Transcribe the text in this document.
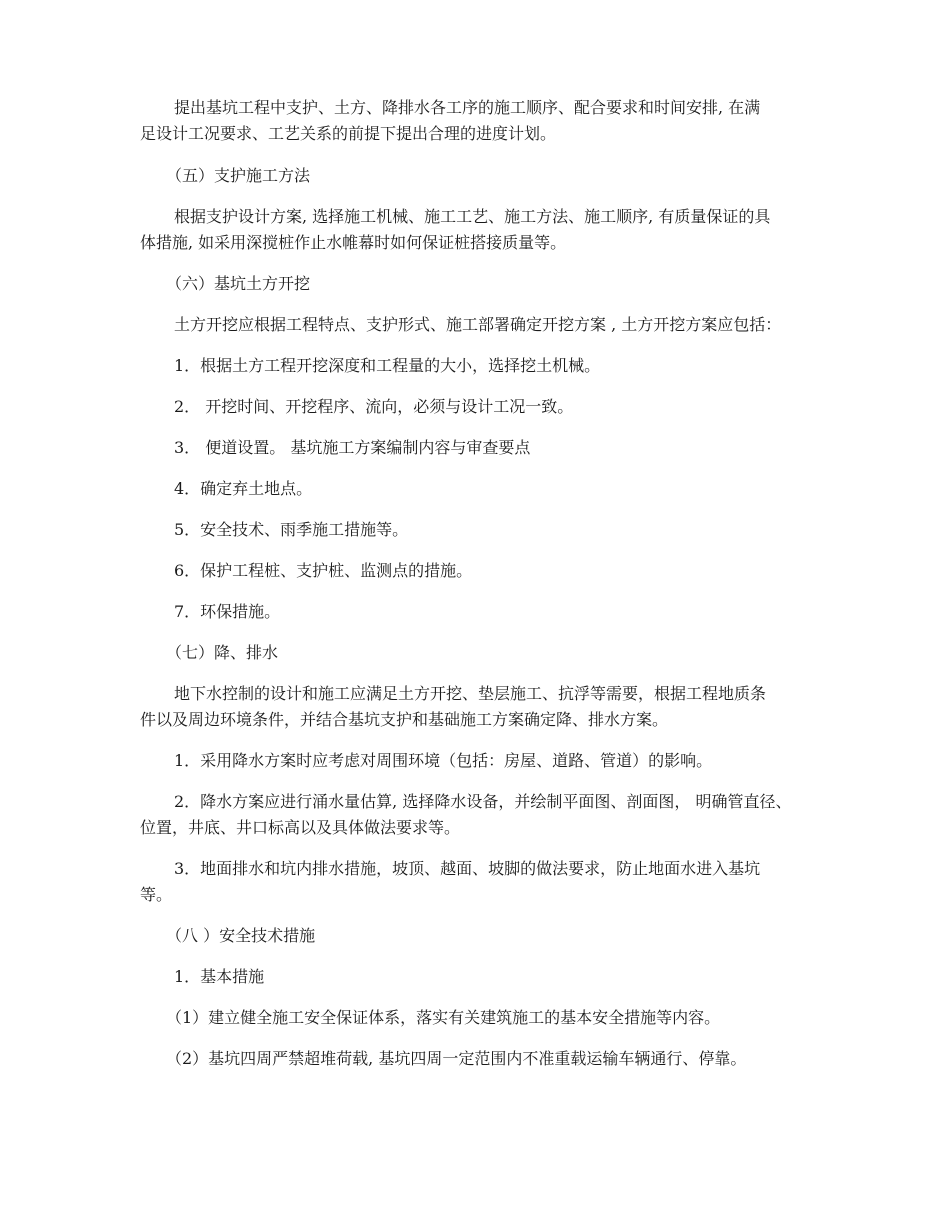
提出基坑工程中支护、土方、降排水各工序的施工顺序、配合要求和时间安排, 在满
足设计工况要求、工艺关系的前提下提出合理的进度计划。
（五）支护施工方法
根据支护设计方案, 选择施工机械、施工工艺、施工方法、施工顺序, 有质量保证的具
体措施, 如采用深搅桩作止水帷幕时如何保证桩搭接质量等。
（六）基坑土方开挖
土方开挖应根据工程特点、支护形式、施工部署确定开挖方案 , 土方开挖方案应包括：
1．根据土方工程开挖深度和工程量的大小，选择挖土机械。
2． 开挖时间、开挖程序、流向，必须与设计工况一致。
3． 便道设置。 基坑施工方案编制内容与审查要点
4．确定弃土地点。
5．安全技术、雨季施工措施等。
6．保护工程桩、支护桩、监测点的措施。
7．环保措施。
（七）降、排水
地下水控制的设计和施工应满足土方开挖、垫层施工、抗浮等需要，根据工程地质条
件以及周边环境条件，并结合基坑支护和基础施工方案确定降、排水方案。
1．采用降水方案时应考虑对周围环境（包括：房屋、道路、管道）的影响。
2．降水方案应进行涌水量估算, 选择降水设备，并绘制平面图、剖面图， 明确管直径、
位置，井底、井口标高以及具体做法要求等。
3．地面排水和坑内排水措施，坡顶、越面、坡脚的做法要求，防止地面水进入基坑
等。
（八 ）安全技术措施
1．基本措施
（1）建立健全施工安全保证体系，落实有关建筑施工的基本安全措施等内容。
（2）基坑四周严禁超堆荷载, 基坑四周一定范围内不准重载运输车辆通行、停靠。
